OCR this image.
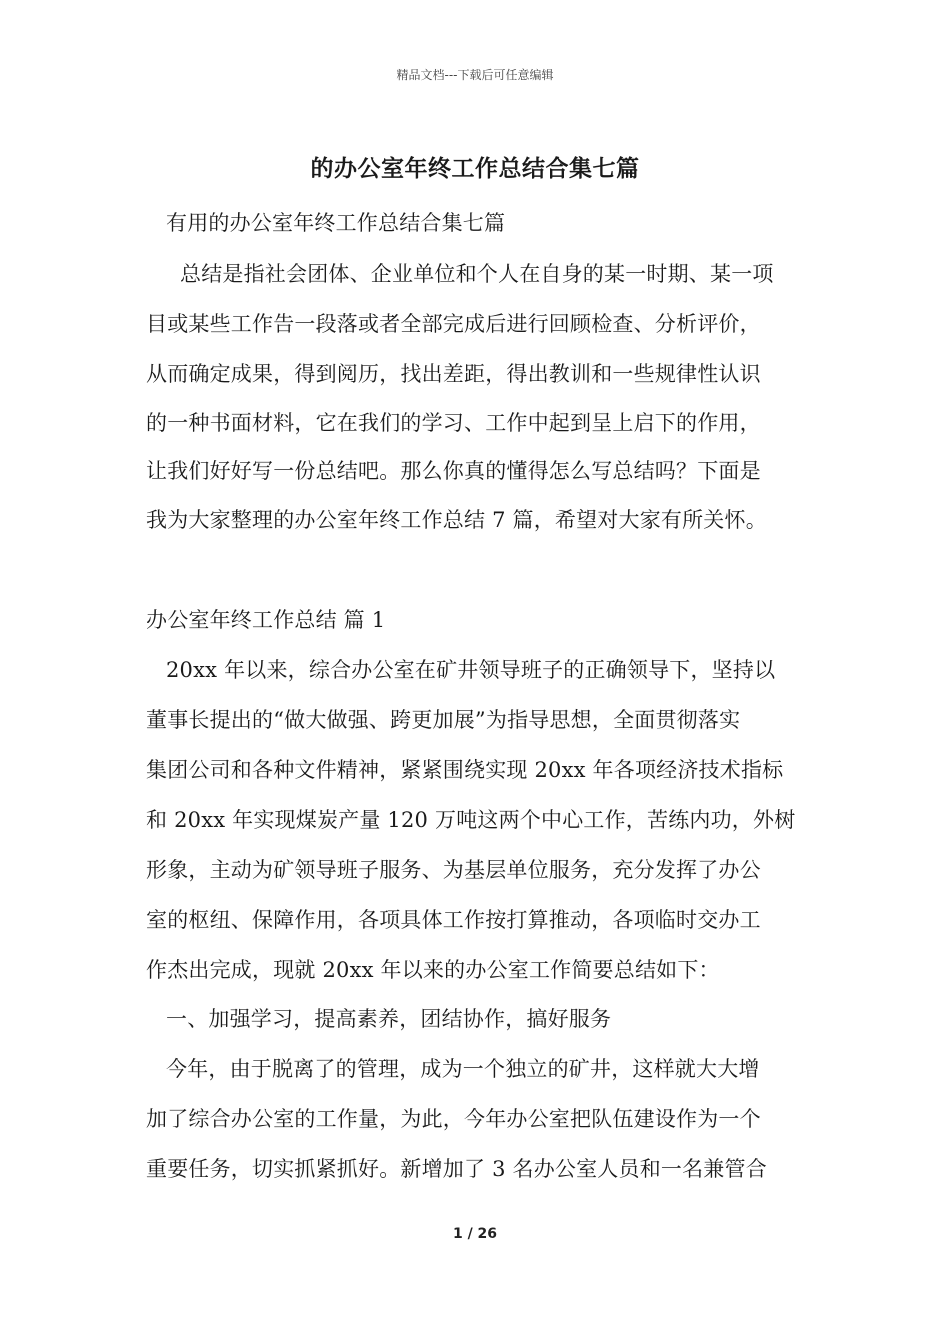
精品文档---下载后可任意编辑
的办公室年终工作总结合集七篇
有用的办公室年终工作总结合集七篇
总结是指社会团体、企业单位和个人在自身的某一时期、某一项
目或某些工作告一段落或者全部完成后进行回顾检查、分析评价，
从而确定成果，得到阅历，找出差距，得出教训和一些规律性认识
的一种书面材料，它在我们的学习、工作中起到呈上启下的作用，
让我们好好写一份总结吧。那么你真的懂得怎么写总结吗？下面是
我为大家整理的办公室年终工作总结 7 篇，希望对大家有所关怀。
办公室年终工作总结 篇 1
20xx 年以来，综合办公室在矿井领导班子的正确领导下，坚持以
董事长提出的“做大做强、跨更加展”为指导思想，全面贯彻落实
集团公司和各种文件精神，紧紧围绕实现 20xx 年各项经济技术指标
和 20xx 年实现煤炭产量 120 万吨这两个中心工作，苦练内功，外树
形象，主动为矿领导班子服务、为基层单位服务，充分发挥了办公
室的枢纽、保障作用，各项具体工作按打算推动，各项临时交办工
作杰出完成，现就 20xx 年以来的办公室工作简要总结如下：
一、加强学习，提高素养，团结协作，搞好服务
今年，由于脱离了的管理，成为一个独立的矿井，这样就大大增
加了综合办公室的工作量，为此，今年办公室把队伍建设作为一个
重要任务，切实抓紧抓好。新增加了 3 名办公室人员和一名兼管合
1 / 26
